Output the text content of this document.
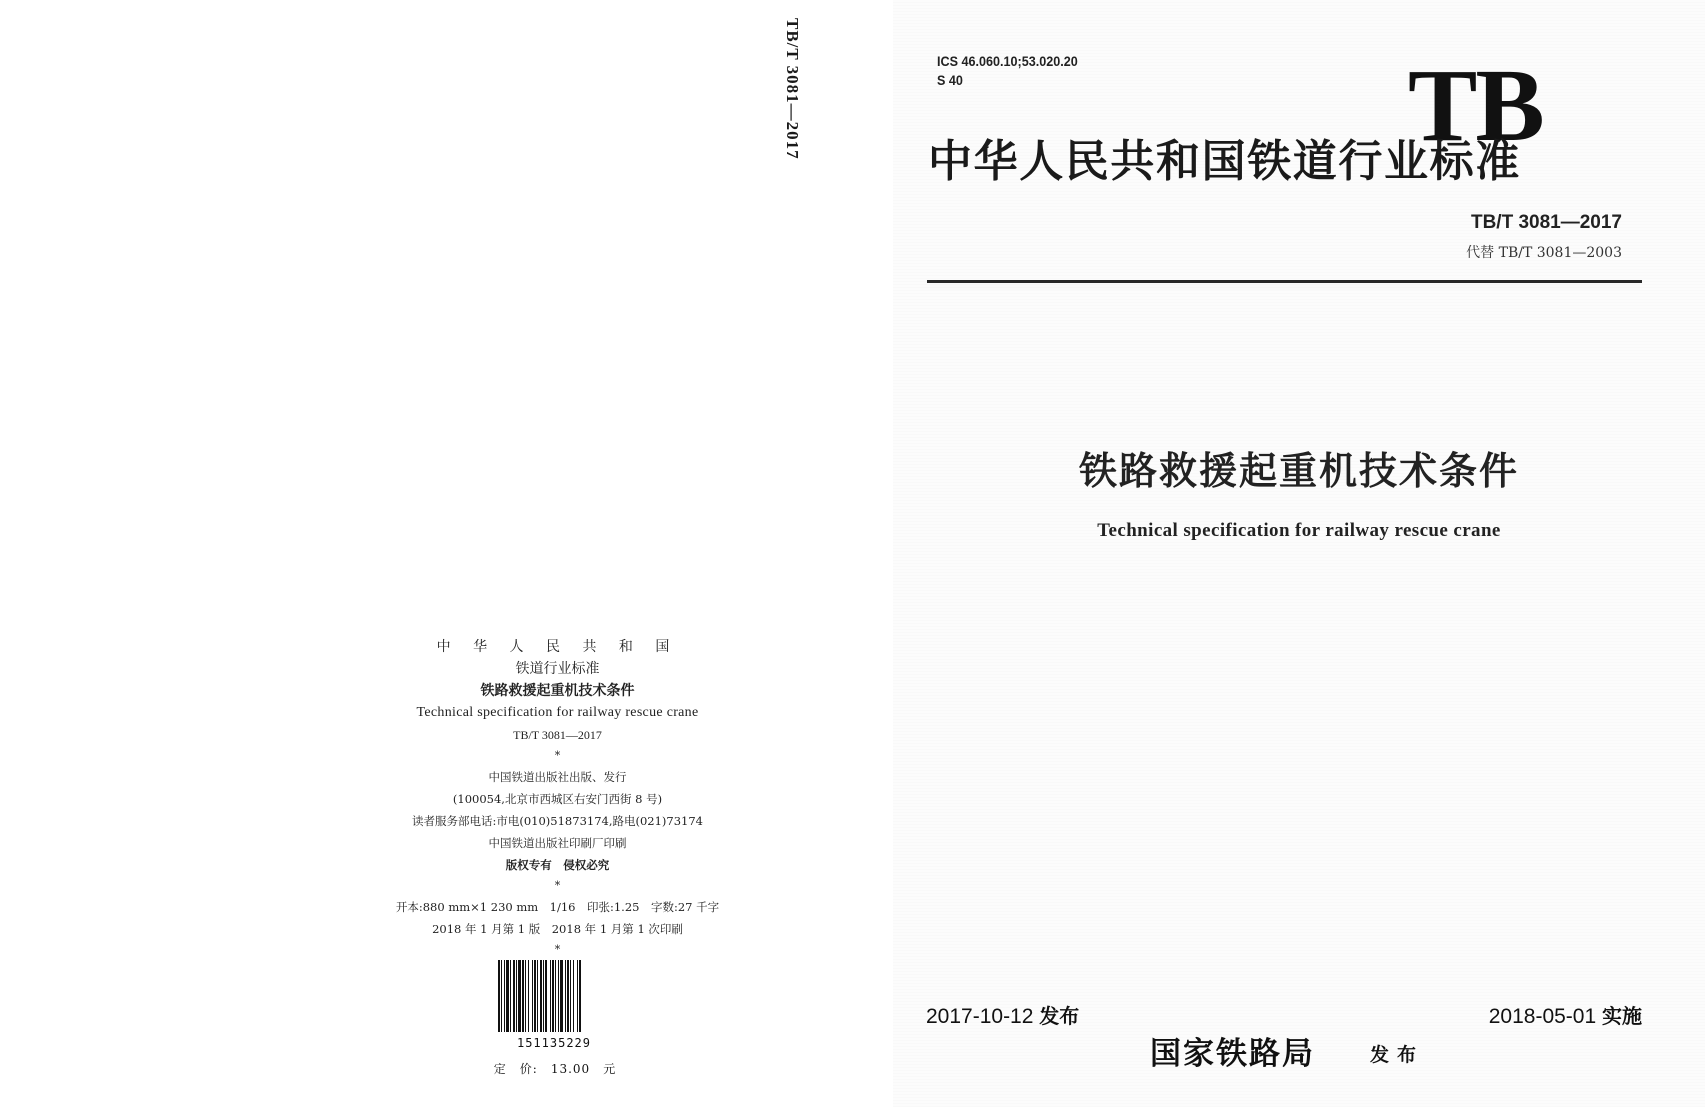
TB/T 3081—2017
中 华 人 民 共 和 国
铁道行业标准
铁路救援起重机技术条件
Technical specification for railway rescue crane
TB/T 3081—2017
*
中国铁道出版社出版、发行
(100054,北京市西城区右安门西街 8 号)
读者服务部电话:市电(010)51873174,路电(021)73174
中国铁道出版社印刷厂印刷
版权专有　侵权必究
*
开本:880 mm×1 230 mm　1/16　印张:1.25　字数:27 千字
2018 年 1 月第 1 版　2018 年 1 月第 1 次印刷
*
151135229
定　价:　13.00　元
ICS 46.060.10;53.020.20
S 40	TB
中华人民共和国铁道行业标准
TB/T 3081—2017
代替 TB/T 3081—2003
铁路救援起重机技术条件
Technical specification for railway rescue crane
2017-10-12 发布	2018-05-01 实施
国家铁路局	发布
